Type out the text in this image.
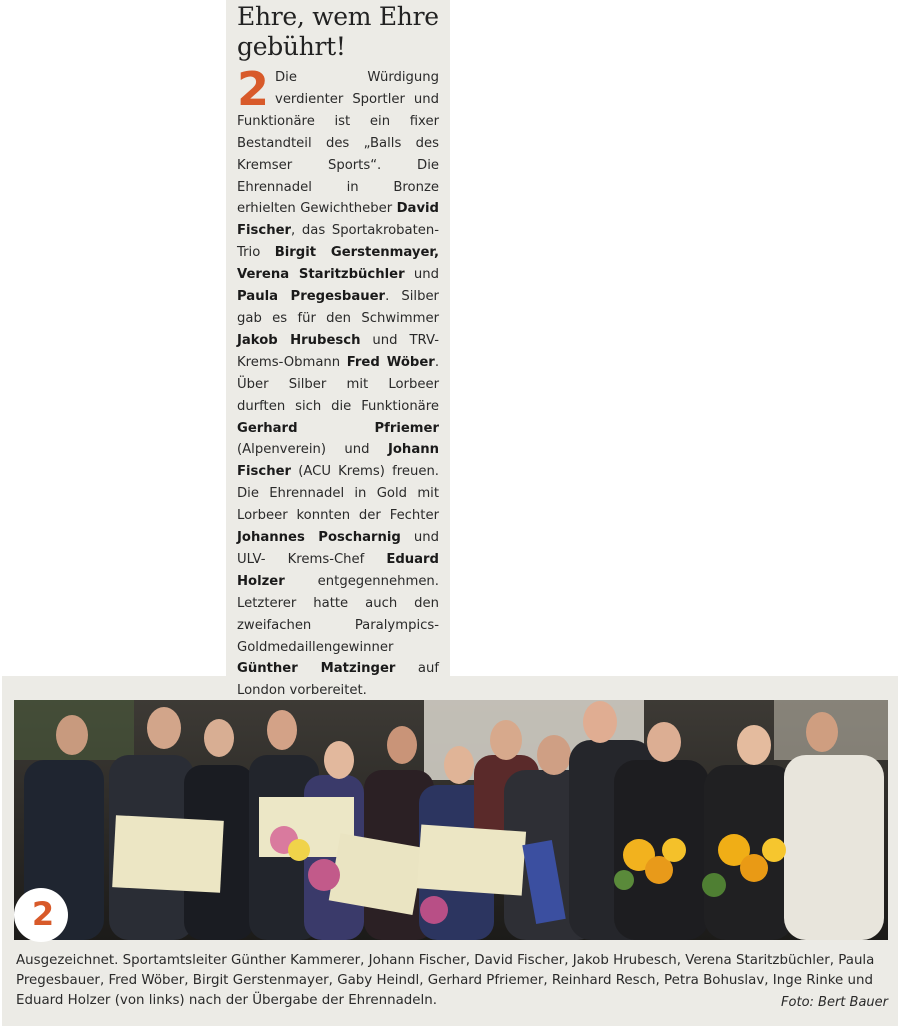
Ehre, wem Ehre gebührt!
2 Die Würdigung verdienter Sportler und Funktionäre ist ein fixer Bestandteil des „Balls des Kremser Sports“. Die Ehrennadel in Bronze erhielten Gewichtheber David Fischer, das Sportakrobaten-Trio Birgit Gerstenmayer, Verena Staritzbüchler und Paula Pregesbauer. Silber gab es für den Schwimmer Jakob Hrubesch und TRV-Krems-Obmann Fred Wöber. Über Silber mit Lorbeer durften sich die Funktionäre Gerhard Pfriemer (Alpenverein) und Johann Fischer (ACU Krems) freuen. Die Ehrennadel in Gold mit Lorbeer konnten der Fechter Johannes Poscharnig und ULV- Krems-Chef Eduard Holzer entgegennehmen. Letzterer hatte auch den zweifachen Paralympics-Goldmedaillengewinner Günther Matzinger auf London vorbereitet.
2

Ausgezeichnet. Sportamtsleiter Günther Kammerer, Johann Fischer, David Fischer, Jakob Hrubesch, Verena Staritzbüchler, Paula Pregesbauer, Fred Wöber, Birgit Gerstenmayer, Gaby Heindl, Gerhard Pfriemer, Reinhard Resch, Petra Bohuslav, Inge Rinke und Eduard Holzer (von links) nach der Übergabe der Ehrennadeln.	Foto: Bert Bauer
